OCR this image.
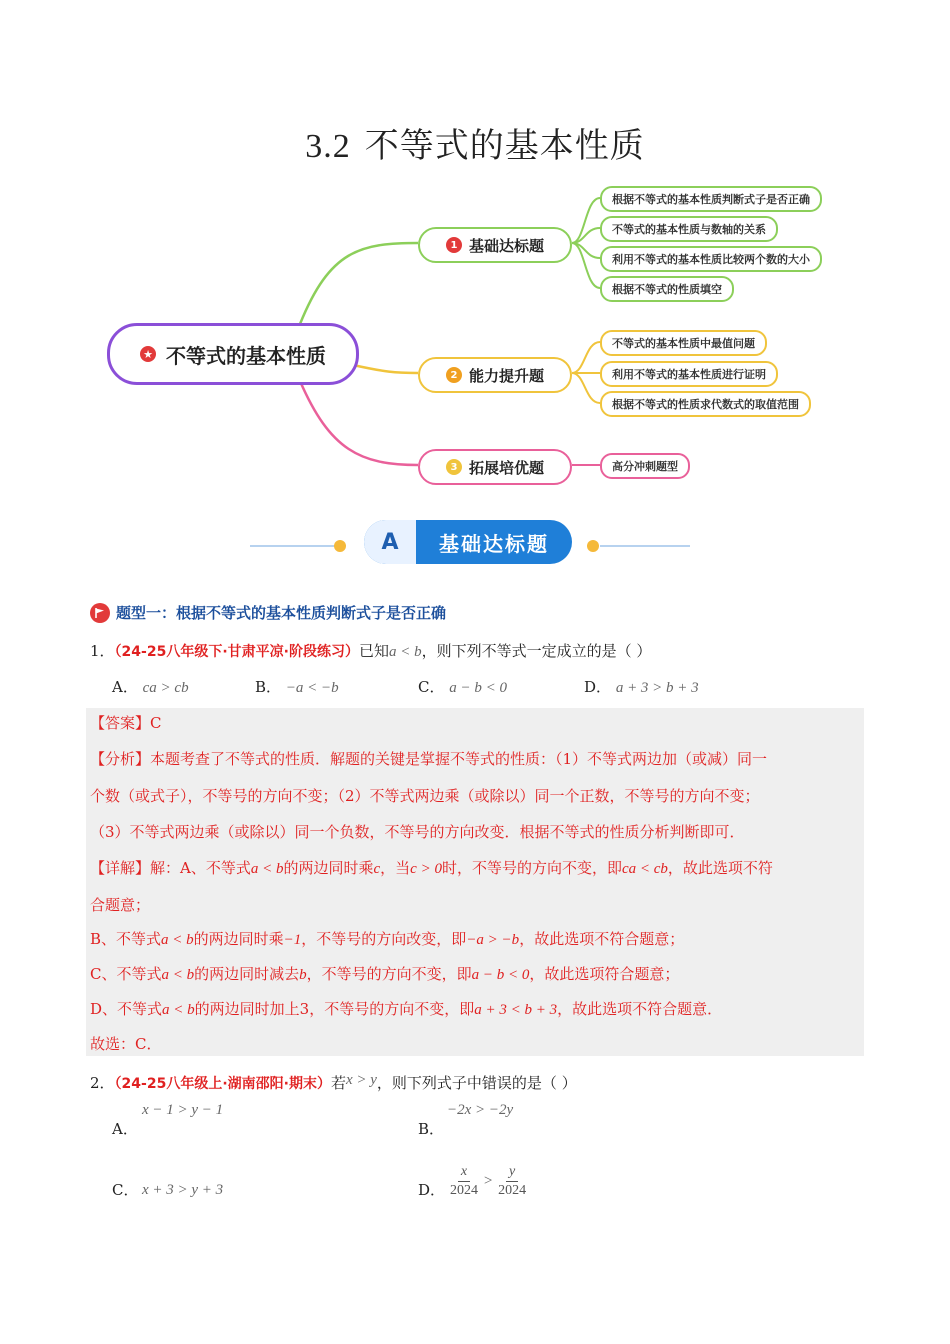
3.2 不等式的基本性质
★ 不等式的基本性质
1 基础达标题
2 能力提升题
3 拓展培优题
根据不等式的基本性质判断式子是否正确
不等式的基本性质与数轴的关系
利用不等式的基本性质比较两个数的大小
根据不等式的性质填空
不等式的基本性质中最值问题
利用不等式的基本性质进行证明
根据不等式的性质求代数式的取值范围
高分冲刺题型
A	基础达标题
题型一：根据不等式的基本性质判断式子是否正确
1．（24-25八年级下·甘肃平凉·阶段练习）已知a < b，则下列不等式一定成立的是（ ）
A． ca > cb	B． −a < −b	C． a − b < 0	D． a + 3 > b + 3
【答案】C
【分析】本题考查了不等式的性质．解题的关键是掌握不等式的性质：（1）不等式两边加（或减）同一
个数（或式子），不等号的方向不变；（2）不等式两边乘（或除以）同一个正数，不等号的方向不变；
（3）不等式两边乘（或除以）同一个负数，不等号的方向改变．根据不等式的性质分析判断即可．
【详解】解：A、不等式a < b的两边同时乘c，当c > 0时，不等号的方向不变，即ca < cb，故此选项不符
合题意；
B、不等式a < b的两边同时乘−1，不等号的方向改变，即−a > −b，故此选项不符合题意；
C、不等式a < b的两边同时减去b，不等号的方向不变，即a − b < 0，故此选项符合题意；
D、不等式a < b的两边同时加上3，不等号的方向不变，即a + 3 < b + 3，故此选项不符合题意．
故选：C．
2．（24-25八年级上·湖南邵阳·期末）若x > y，则下列式子中错误的是（ ）
A．
x − 1 > y − 1
B．
−2x > −2y
C． x + 3 > y + 3	D． $\frac{x}{2024} > \frac{y}{2024}$
